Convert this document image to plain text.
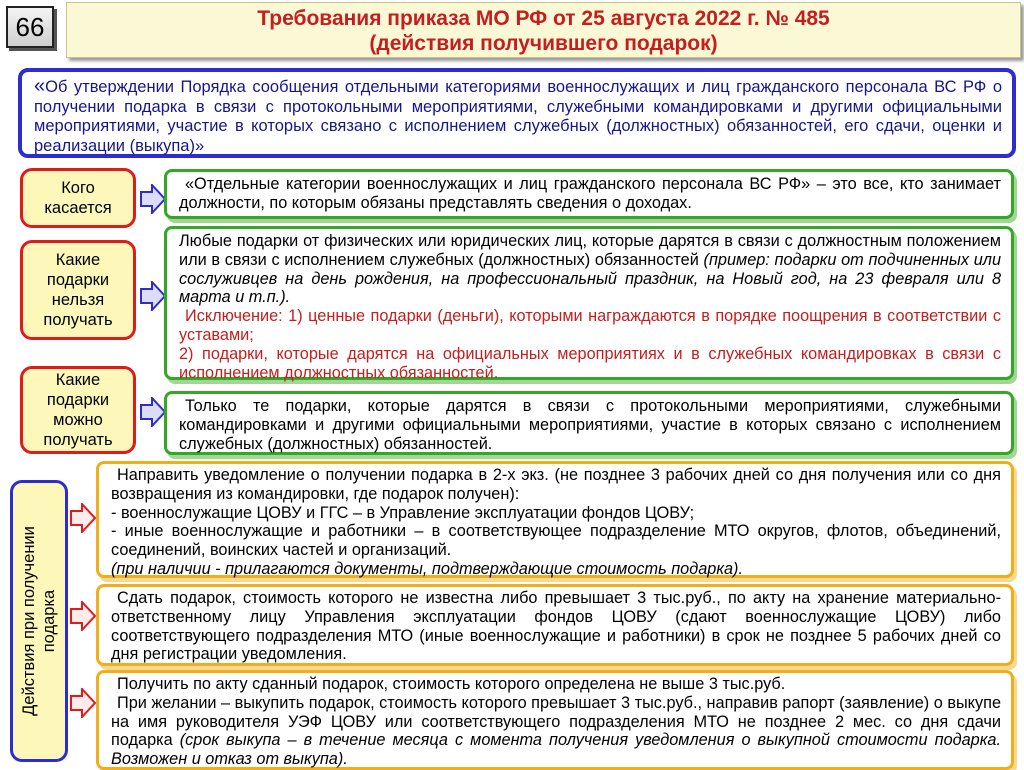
66	Требования приказа МО РФ от 25 августа 2022 г. № 485
(действия получившего подарок)

«Об утверждении Порядка сообщения отдельными категориями военнослужащих и лиц гражданского персонала ВС РФ о получении подарка в связи с протокольными мероприятиями, служебными командировками и другими официальными мероприятиями, участие в которых связано с исполнением служебных (должностных) обязанностей, его сдачи, оценки и реализации (выкупа)»

Кого касается
Какие подарки нельзя получать
Какие подарки можно получать
Действия при получении подарка

«Отдельные категории военнослужащих и лиц гражданского персонала ВС РФ» – это все, кто занимает должности, по которым обязаны представлять сведения о доходах.

Любые подарки от физических или юридических лиц, которые дарятся в связи с должностным положением или в связи с исполнением служебных (должностных) обязанностей (пример: подарки от подчиненных или сослуживцев на день рождения, на профессиональный праздник, на Новый год, на 23 февраля или 8 марта и т.п.).

Исключение: 1) ценные подарки (деньги), которыми награждаются в порядке поощрения в соответствии с уставами;

2) подарки, которые дарятся на официальных мероприятиях и в служебных командировках в связи с исполнением должностных обязанностей.

Только те подарки, которые дарятся в связи с протокольными мероприятиями, служебными командировками и другими официальными мероприятиями, участие в которых связано с исполнением служебных (должностных) обязанностей.

Направить уведомление о получении подарка в 2-х экз. (не позднее 3 рабочих дней со дня получения или со дня возвращения из командировки, где подарок получен):

- военнослужащие ЦОВУ и ГГС – в Управление эксплуатации фондов ЦОВУ;

- иные военнослужащие и работники – в соответствующее подразделение МТО округов, флотов, объединений, соединений, воинских частей и организаций.

(при наличии - прилагаются документы, подтверждающие стоимость подарка).

Сдать подарок, стоимость которого не известна либо превышает 3 тыс.руб., по акту на хранение материально-ответственному лицу Управления эксплуатации фондов ЦОВУ (сдают военнослужащие ЦОВУ) либо соответствующего подразделения МТО (иные военнослужащие и работники) в срок не позднее 5 рабочих дней со дня регистрации уведомления.

Получить по акту сданный подарок, стоимость которого определена не выше 3 тыс.руб.

При желании – выкупить подарок, стоимость которого превышает 3 тыс.руб., направив рапорт (заявление) о выкупе на имя руководителя УЭФ ЦОВУ или соответствующего подразделения МТО не позднее 2 мес. со дня сдачи подарка (срок выкупа – в течение месяца с момента получения уведомления о выкупной стоимости подарка. Возможен и отказ от выкупа).
